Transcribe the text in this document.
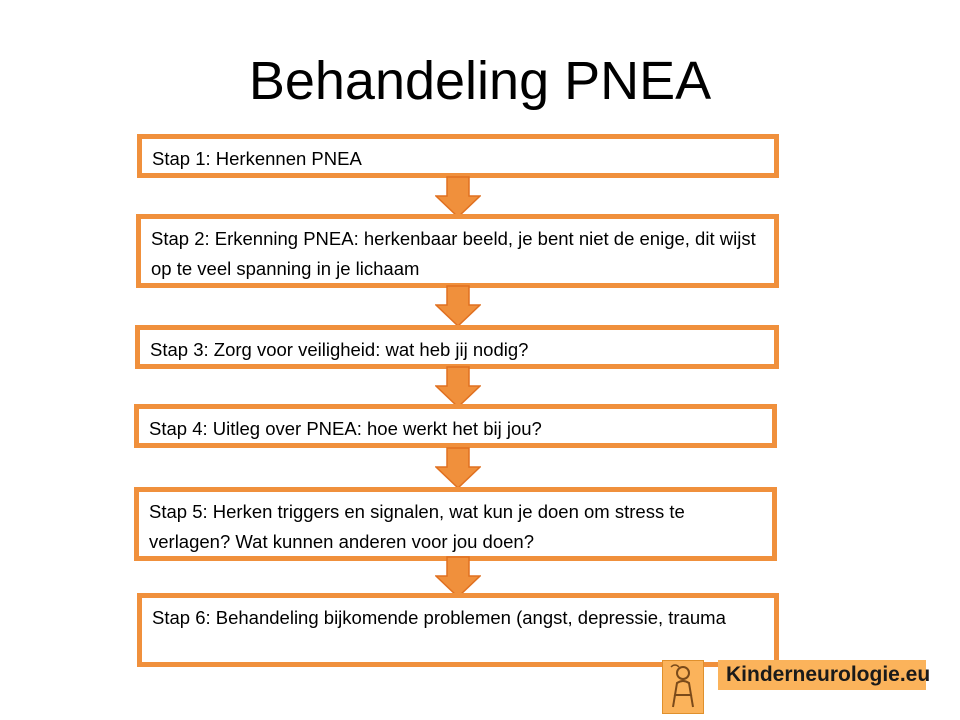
Behandeling PNEA
Stap 1: Herkennen PNEA
Stap 2: Erkenning PNEA: herkenbaar beeld, je bent niet de enige, dit wijst op te veel spanning in je lichaam
Stap 3: Zorg voor veiligheid: wat heb jij nodig?
Stap 4: Uitleg over PNEA: hoe werkt het bij jou?
Stap 5: Herken triggers en signalen, wat kun je doen om stress te verlagen? Wat kunnen anderen voor jou doen?
Stap 6: Behandeling bijkomende problemen (angst, depressie, trauma
Kinderneurologie.eu
